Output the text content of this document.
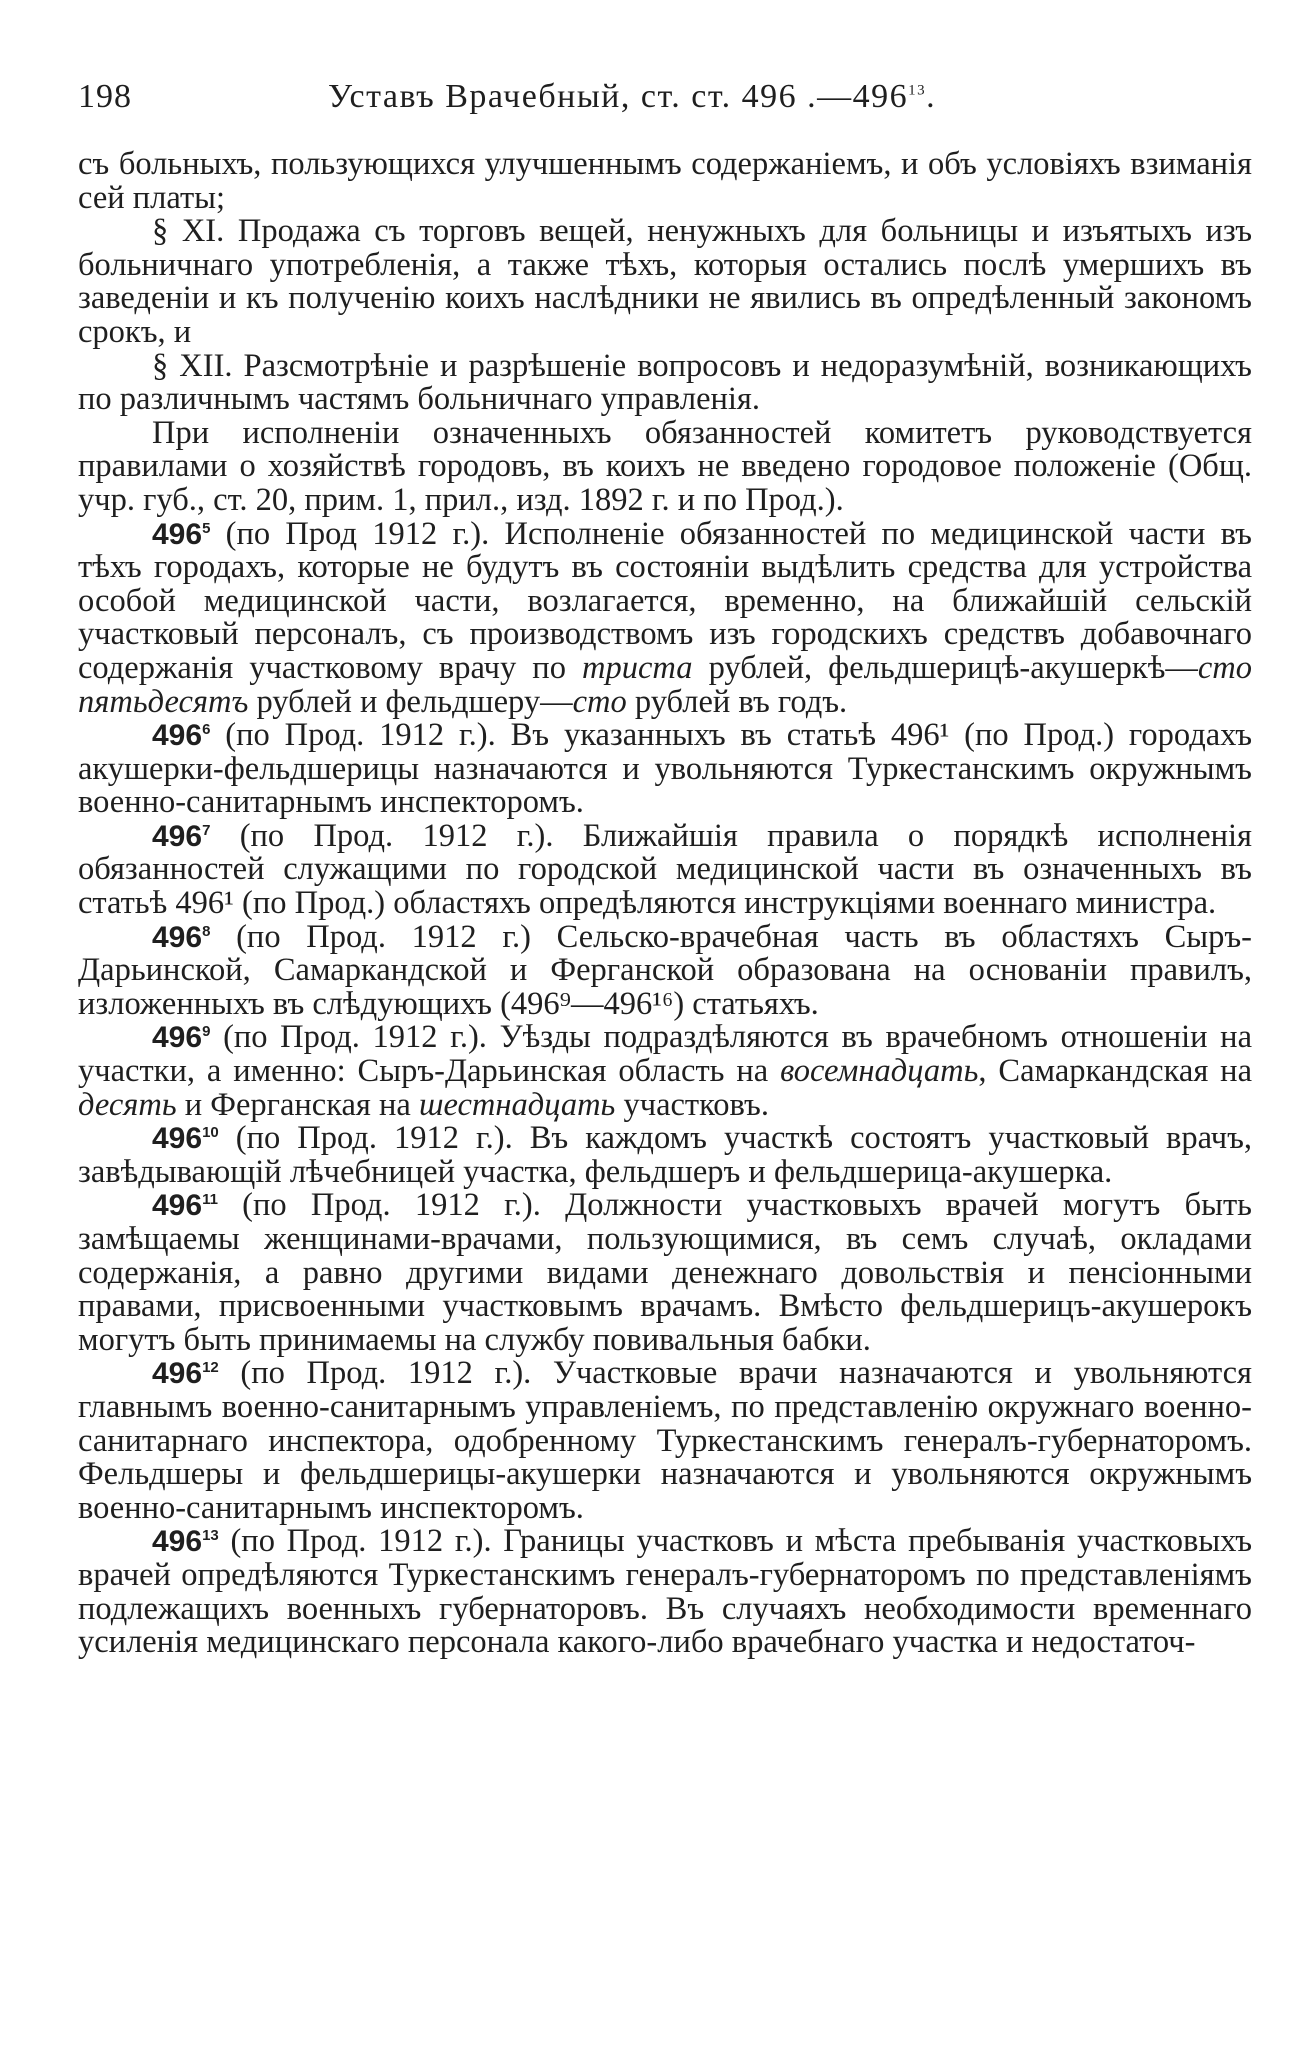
198	Уставъ Врачебный, ст. ст. 496 $.—496^{13}$.

съ больныхъ, пользующихся улучшеннымъ содержаніемъ, и объ условіяхъ взиманія сей платы;

§ XI. Продажа съ торговъ вещей, ненужныхъ для больницы и изъятыхъ изъ больничнаго употребленія, а также тѣхъ, которыя остались послѣ умершихъ въ заведеніи и къ полученію коихъ наслѣдники не явились въ опредѣленный закономъ срокъ, и

§ XII. Разсмотрѣніе и разрѣшеніе вопросовъ и недоразумѣній, возникающихъ по различнымъ частямъ больничнаго управленія.

При исполненіи означенныхъ обязанностей комитетъ руководствуется правилами о хозяйствѣ городовъ, въ коихъ не введено городовое положеніе (Общ. учр. губ., ст. 20, прим. 1, прил., изд. 1892 г. и по Прод.).

$496^5$ (по Прод 1912 г.). Исполненіе обязанностей по медицинской части въ тѣхъ городахъ, которые не будутъ въ состояніи выдѣлить средства для устройства особой медицинской части, возлагается, временно, на ближайшій сельскій участковый персоналъ, съ производствомъ изъ городскихъ средствъ добавочнаго содержанія участковому врачу по триста рублей, фельдшерицѣ-акушеркѣ—сто пятьдесятъ рублей и фельдшеру—сто рублей въ годъ.

$496^6$ (по Прод. 1912 г.). Въ указанныхъ въ статьѣ 496¹ (по Прод.) городахъ акушерки-фельдшерицы назначаются и увольняются Туркестанскимъ окружнымъ военно-санитарнымъ инспекторомъ.

$496^7$ (по Прод. 1912 г.). Ближайшія правила о порядкѣ исполненія обязанностей служащими по городской медицинской части въ означенныхъ въ статьѣ 496¹ (по Прод.) областяхъ опредѣляются инструкціями военнаго министра.

$496^8$ (по Прод. 1912 г.) Сельско-врачебная часть въ областяхъ Сыръ-Дарьинской, Самаркандской и Ферганской образована на основаніи правилъ, изложенныхъ въ слѣдующихъ (496⁹—496¹⁶) статьяхъ.

$496^9$ (по Прод. 1912 г.). Уѣзды подраздѣляются въ врачебномъ отношеніи на участки, а именно: Сыръ-Дарьинская область на восемнадцать, Самаркандская на десять и Ферганская на шестнадцать участковъ.

$496^{10}$ (по Прод. 1912 г.). Въ каждомъ участкѣ состоятъ участковый врачъ, завѣдывающій лѣчебницей участка, фельдшеръ и фельдшерица-акушерка.

$496^{11}$ (по Прод. 1912 г.). Должности участковыхъ врачей могутъ быть замѣщаемы женщинами-врачами, пользующимися, въ семъ случаѣ, окладами содержанія, а равно другими видами денежнаго довольствія и пенсіонными правами, присвоенными участковымъ врачамъ. Вмѣсто фельдшерицъ-акушерокъ могутъ быть принимаемы на службу повивальныя бабки.

$496^{12}$ (по Прод. 1912 г.). Участковые врачи назначаются и увольняются главнымъ военно-санитарнымъ управленіемъ, по представленію окружнаго военно-санитарнаго инспектора, одобренному Туркестанскимъ генералъ-губернаторомъ. Фельдшеры и фельдшерицы-акушерки назначаются и увольняются окружнымъ военно-санитарнымъ инспекторомъ.

$496^{13}$ (по Прод. 1912 г.). Границы участковъ и мѣста пребыванія участковыхъ врачей опредѣляются Туркестанскимъ генералъ-губернаторомъ по представленіямъ подлежащихъ военныхъ губернаторовъ. Въ случаяхъ необходимости временнаго усиленія медицинскаго персонала какого-либо врачебнаго участка и недостаточ-
